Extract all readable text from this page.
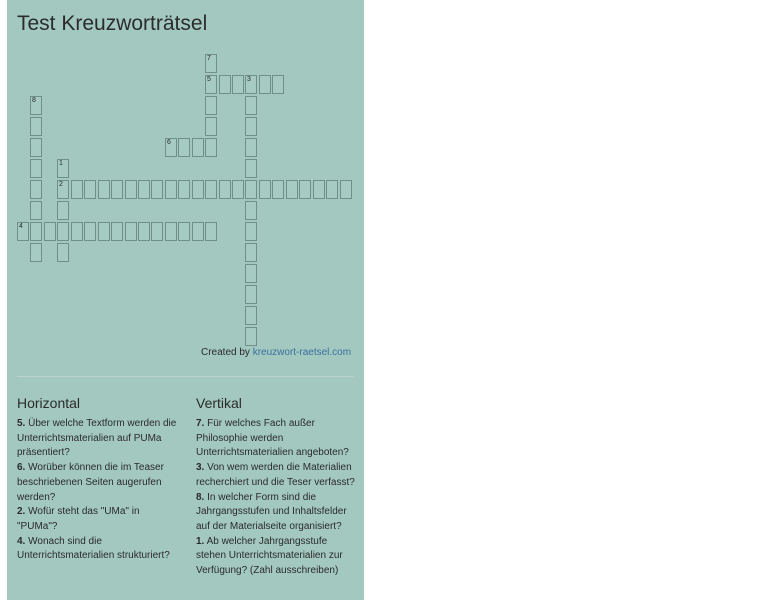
Test Kreuzworträtsel
5	3
6
2
4
7
8
1
Created by kreuzwort-raetsel.com
Horizontal	Vertikal

5. Über welche Textform werden die Unterrichtsmaterialien auf PUMa präsentiert?

6. Worüber können die im Teaser beschriebenen Seiten augerufen werden?

2. Wofür steht das "UMa" in "PUMa"?

4. Wonach sind die Unterrichtsmaterialien strukturiert?

7. Für welches Fach außer Philosophie werden Unterrichtsmaterialien angeboten?

3. Von wem werden die Materialien recherchiert und die Teser verfasst?

8. In welcher Form sind die Jahrgangsstufen und Inhaltsfelder auf der Materialseite organisiert?

1. Ab welcher Jahrgangsstufe stehen Unterrichtsmaterialien zur Verfügung? (Zahl ausschreiben)
